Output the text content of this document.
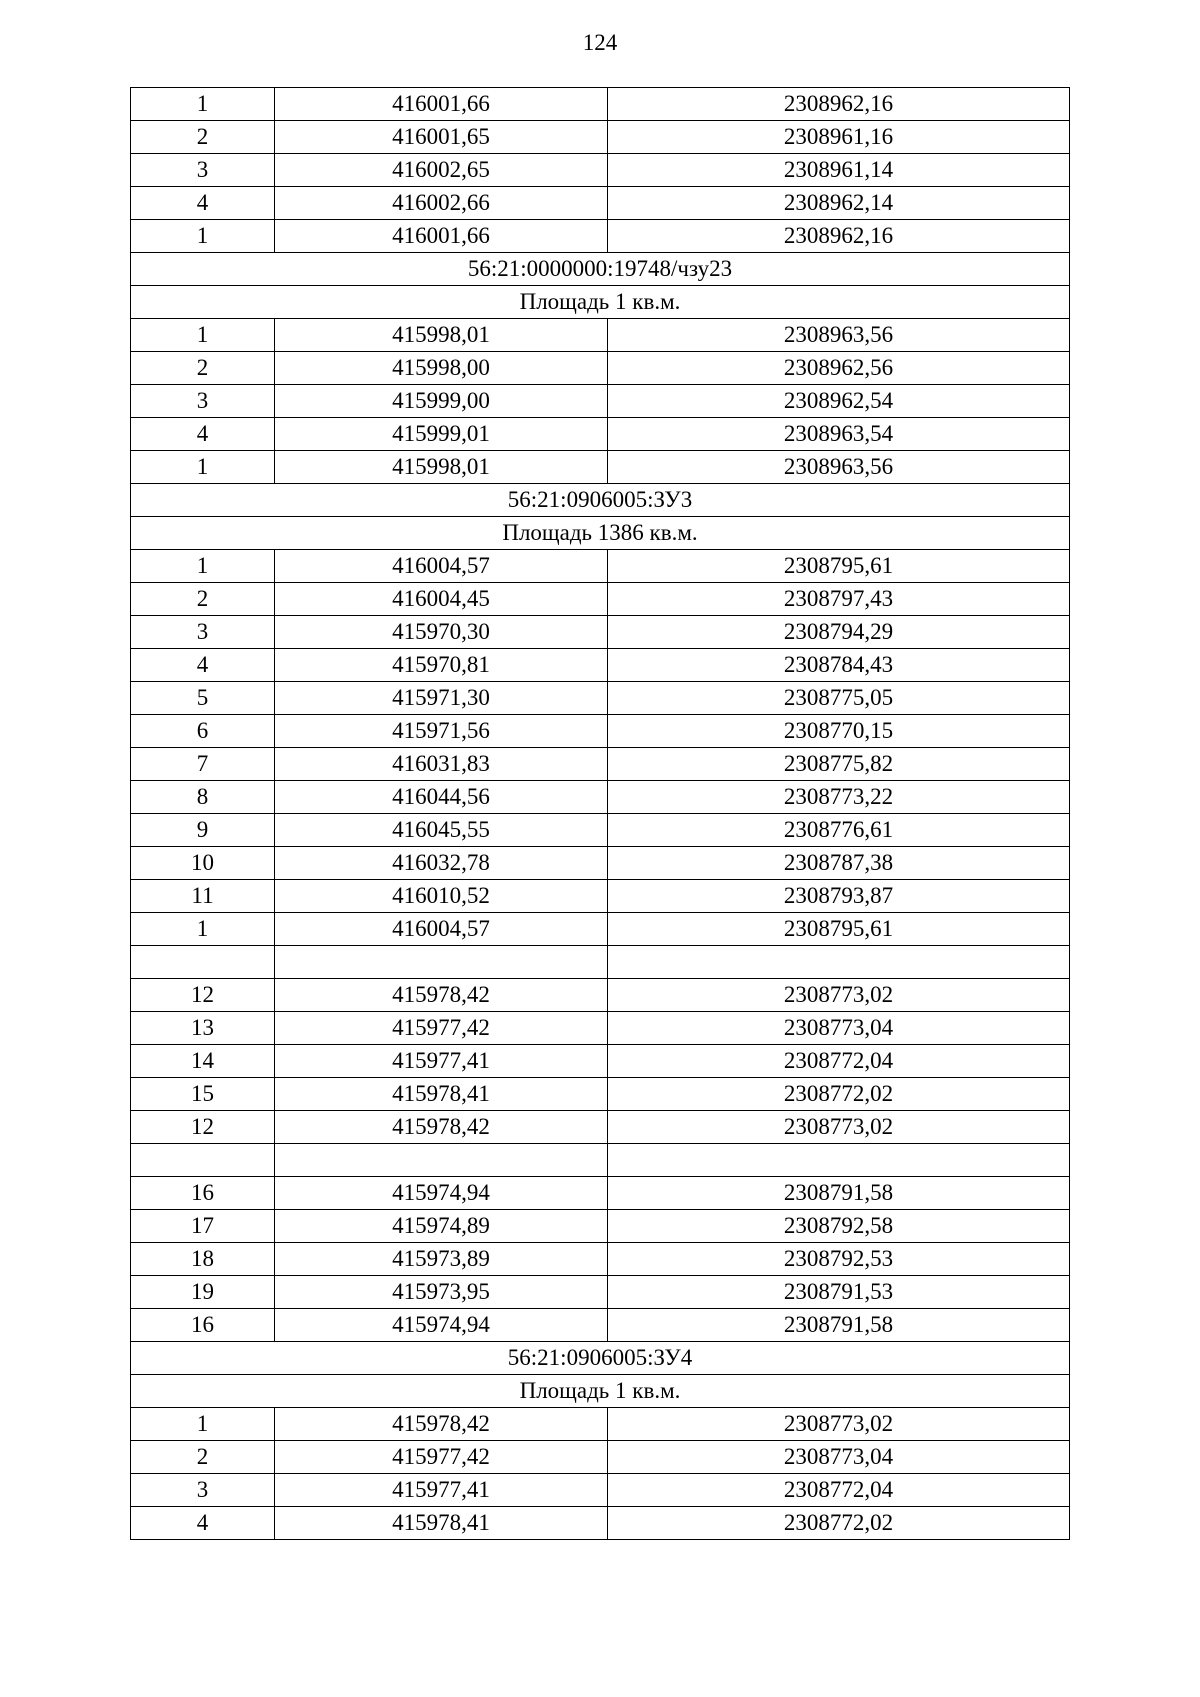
124
1	416001,66	2308962,16
2	416001,65	2308961,16
3	416002,65	2308961,14
4	416002,66	2308962,14
1	416001,66	2308962,16
56:21:0000000:19748/чзу23		
Площадь 1 кв.м.		
1	415998,01	2308963,56
2	415998,00	2308962,56
3	415999,00	2308962,54
4	415999,01	2308963,54
1	415998,01	2308963,56
56:21:0906005:ЗУ3		
Площадь 1386 кв.м.		
1	416004,57	2308795,61
2	416004,45	2308797,43
3	415970,30	2308794,29
4	415970,81	2308784,43
5	415971,30	2308775,05
6	415971,56	2308770,15
7	416031,83	2308775,82
8	416044,56	2308773,22
9	416045,55	2308776,61
10	416032,78	2308787,38
11	416010,52	2308793,87
1	416004,57	2308795,61

12	415978,42	2308773,02
13	415977,42	2308773,04
14	415977,41	2308772,04
15	415978,41	2308772,02
12	415978,42	2308773,02

16	415974,94	2308791,58
17	415974,89	2308792,58
18	415973,89	2308792,53
19	415973,95	2308791,53
16	415974,94	2308791,58
56:21:0906005:ЗУ4		
Площадь 1 кв.м.		
1	415978,42	2308773,02
2	415977,42	2308773,04
3	415977,41	2308772,04
4	415978,41	2308772,02
